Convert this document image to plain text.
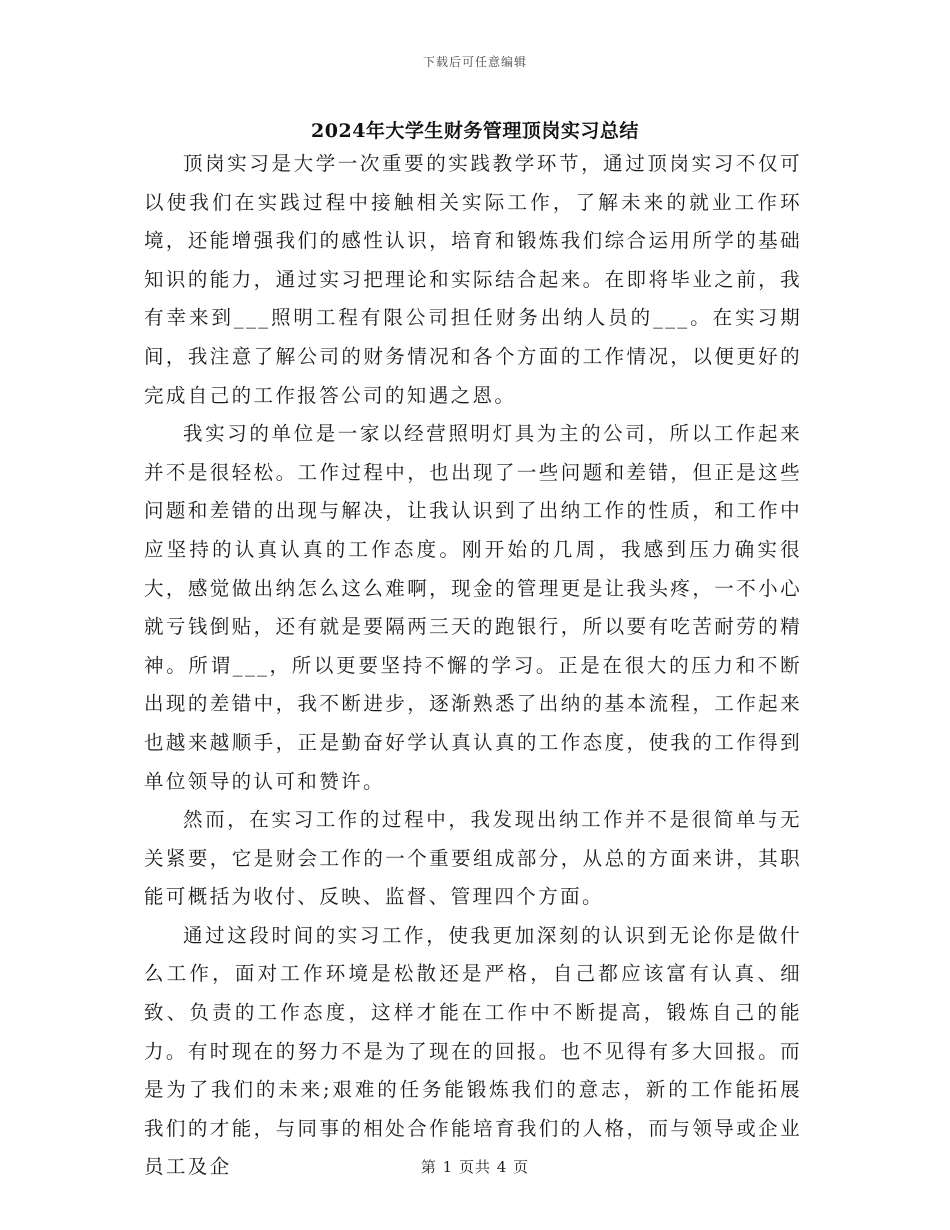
下载后可任意编辑
2024年大学生财务管理顶岗实习总结

顶岗实习是大学一次重要的实践教学环节，通过顶岗实习不仅可以使我们在实践过程中接触相关实际工作，了解未来的就业工作环境，还能增强我们的感性认识，培育和锻炼我们综合运用所学的基础知识的能力，通过实习把理论和实际结合起来。在即将毕业之前，我有幸来到___照明工程有限公司担任财务出纳人员的___。在实习期间，我注意了解公司的财务情况和各个方面的工作情况，以便更好的完成自己的工作报答公司的知遇之恩。

我实习的单位是一家以经营照明灯具为主的公司，所以工作起来并不是很轻松。工作过程中，也出现了一些问题和差错，但正是这些问题和差错的出现与解决，让我认识到了出纳工作的性质，和工作中应坚持的认真认真的工作态度。刚开始的几周，我感到压力确实很大，感觉做出纳怎么这么难啊，现金的管理更是让我头疼，一不小心就亏钱倒贴，还有就是要隔两三天的跑银行，所以要有吃苦耐劳的精神。所谓___，所以更要坚持不懈的学习。正是在很大的压力和不断出现的差错中，我不断进步，逐渐熟悉了出纳的基本流程，工作起来也越来越顺手，正是勤奋好学认真认真的工作态度，使我的工作得到单位领导的认可和赞许。

然而，在实习工作的过程中，我发现出纳工作并不是很简单与无关紧要，它是财会工作的一个重要组成部分，从总的方面来讲，其职能可概括为收付、反映、监督、管理四个方面。

通过这段时间的实习工作，使我更加深刻的认识到无论你是做什么工作，面对工作环境是松散还是严格，自己都应该富有认真、细致、负责的工作态度，这样才能在工作中不断提高，锻炼自己的能力。有时现在的努力不是为了现在的回报。也不见得有多大回报。而是为了我们的未来;艰难的任务能锻炼我们的意志，新的工作能拓展我们的才能，与同事的相处合作能培育我们的人格，而与领导或企业员工及企	第 1 页共 4 页
